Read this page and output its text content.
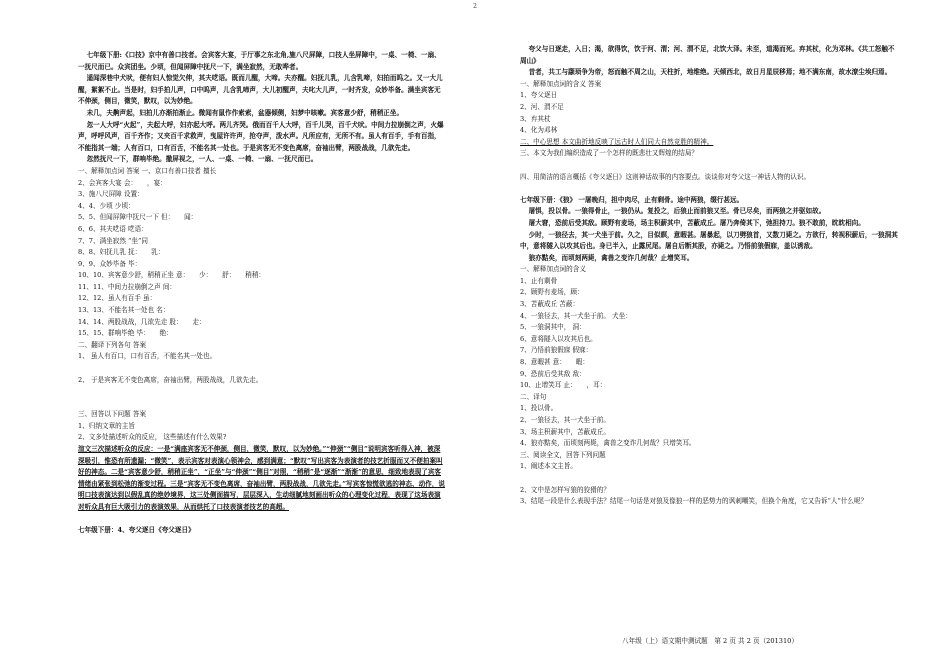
2

七年级下册:《口技》京中有善口技者。会宾客大宴，于厅事之东北角,施八尺屏障，口技人坐屏障中，一桌、一椅、一扇、一抚尺而已。众宾团坐。少顷，但闻屏障中抚尺一下，满坐寂然，无敢哗者。

遥闻深巷中犬吠，便有妇人惊觉欠伸，其夫呓语。既而儿醒，大啼。夫亦醒。妇抚儿乳，儿含乳啼，妇拍而呜之。又一大儿醒，絮絮不止。当是时，妇手拍儿声，口中呜声，儿含乳啼声，大儿初醒声，夫叱大儿声，一时齐发，众妙毕备。满坐宾客无不伸颈，侧目，微笑，默叹，以为妙绝。

未几，夫齁声起，妇拍儿亦渐拍渐止。微闻有鼠作作索索，盆器倾侧，妇梦中咳嗽。宾客意少舒，稍稍正坐。

忽一人大呼“火起”，夫起大呼，妇亦起大呼。两儿齐哭。俄而百千人大呼，百千儿哭，百千犬吠。中间力拉崩倒之声，火爆声，呼呼风声，百千齐作；又夹百千求救声，曳屋许许声，抢夺声，泼水声。凡所应有，无所不有。虽人有百手，手有百指，不能指其一端；人有百口，口有百舌，不能名其一处也。于是宾客无不变色离席，奋袖出臂，两股战战，几欲先走。

忽然抚尺一下，群响毕绝。撤屏视之，一人、一桌、一椅、一扇、一抚尺而已。

一、解释加点词 答案 一、京口有善口技者 擅长

2、会宾客大宴 会：　　，宴：

3、施八尺屏障 设置：

4、4、少顷 少顷：

5、5、但闻屏障中抚尺一下 但：　　闻：

6、6、其夫呓语 呓语：

7、7、满坐寂然 “坐”同

8、8、妇抚儿乳 抚：　　乳：

9、9、众妙毕备 毕：

10、10、宾客意少舒，稍稍正坐 意：　　少：　　舒：　　稍稍：

11、11、中间力拉崩倒之声 间：

12、12、虽人有百手 虽：

13、13、不能名其一处也 名：

14、14、两股战战，几欲先走 股：　　走：

15、15、群响毕绝 毕：　　绝：

二、翻译下列各句 答案

1、 虽人有百口，口有百舌，不能名其一处也。

2、 于是宾客无不变色离席，奋袖出臂，两股战战，几欲先走。

三、回答以下问题 答案

1、归纳文章的主旨

2、文多处描述听众的反应， 这些描述有什么效果?

渲文三次描述听众的反应：一是“满座宾客无不伸颈，侧目，微笑，默叹，以为妙绝。”“伸颈”“侧目”说明宾客听得入神，被深深吸引，惟恐有所遗漏；“微笑”，表示宾客对表演心领神会，感到满意；“默叹”写出宾客为表演者的技艺折服而又不便拍案叫好的神态。二是“宾客意少舒，稍稍正坐”，“正坐”与“伸颈”“侧目”对照，“稍稍”是“逐渐”“渐渐”的意思，细致地表现了宾客情绪由紧张到松弛的渐变过程。三是“宾客无不变色离席，奋袖出臂，两股战战，几欲先走。”写宾客惊慌欲逃的神态、动作，说明口技表演达到以假乱真的绝妙境界，这三处侧面描写，层层深入，生动细腻地刻画出听众的心理变化过程，表现了这场表演对听众具有巨大吸引力的表演效果，从而烘托了口技表演者技艺的高超。

七年级下册：4、夸父逐日《夸父逐日》

夸父与日逐走，入日；渴，欲得饮，饮于河、渭；河、渭不足，北饮大泽。未至，道渴而死。弃其杖，化为邓林。《共工怒触不周山》

昔者，共工与颛顼争为帝，怒而触不周之山，天柱折，地维绝。天倾西北，故日月星辰移焉；地不满东南，故水潦尘埃归焉。

一、解释加点词的含义 答案

1、夸父逐日

2、河、渭不足

3、弃其杖

4、化为邓林

二、中心思想 本文曲折地反映了远古时人们同大自然竞胜的精神。

三、本文为我们编织造成了一个怎样的既悲壮又辉煌的结局？

四、用简洁的语言概括《夸父逐日》这则神话故事的内容要点。谈谈你对夸父这一神话人物的认识。

七年级下册：《狼》 一屠晚归，担中肉尽，止有剩骨。途中两狼，缀行甚远。

屠惧，投以骨。一狼得骨止，一狼仍从。复投之，后狼止而前狼又至。骨已尽矣，而两狼之并驱如故。

屠大窘，恐前后受其敌。顾野有麦场，场主积薪其中，苫蔽成丘。屠乃奔倚其下，弛担持刀。狼不敢前，眈眈相向。

少时，一狼径去，其一犬坐于前。久之，目似瞑，意暇甚。屠暴起，以刀劈狼首，又数刀毙之。方欲行，转视积薪后，一狼洞其中，意将隧入以攻其后也。身已半入，止露尻尾。屠自后断其股，亦毙之。乃悟前狼假寐，盖以诱敌。

狼亦黠矣，而顷刻两毙，禽兽之变诈几何哉？止增笑耳。

一、解释加点词的含义

1、止有剩骨

2、顾野有麦场，顾：

3、苫蔽成丘 苫蔽：

4、一狼径去，其一犬坐于前。 犬坐：

5、一狼洞其中， 洞：

6、意将隧入以攻其后也。

7、乃悟前狼假寐 假寐：

8、意暇甚 意：　　暇：

9、恐前后受其敌 敌：

10、止增笑耳 止：　　，耳：

二、译句

1、投以骨。

2、一狼径去，其一犬坐于前。

3、场主积薪其中，苫蔽成丘。

4、狼亦黠矣，而顷刻两毙，禽兽之变诈几何哉？只增笑耳。

三、阅读全文，回答下列问题

1、阐述本文主旨。

2、文中是怎样写狼的狡猾的？

3、结尾一段是什么表现手法？结尾一句话是对狼及像狼一样的恶势力的讽刺嘲笑，但换个角度，它又告诉“人”什么呢？

八年级（上）语文期中测试题　第 2 页 共 2 页（201310）
